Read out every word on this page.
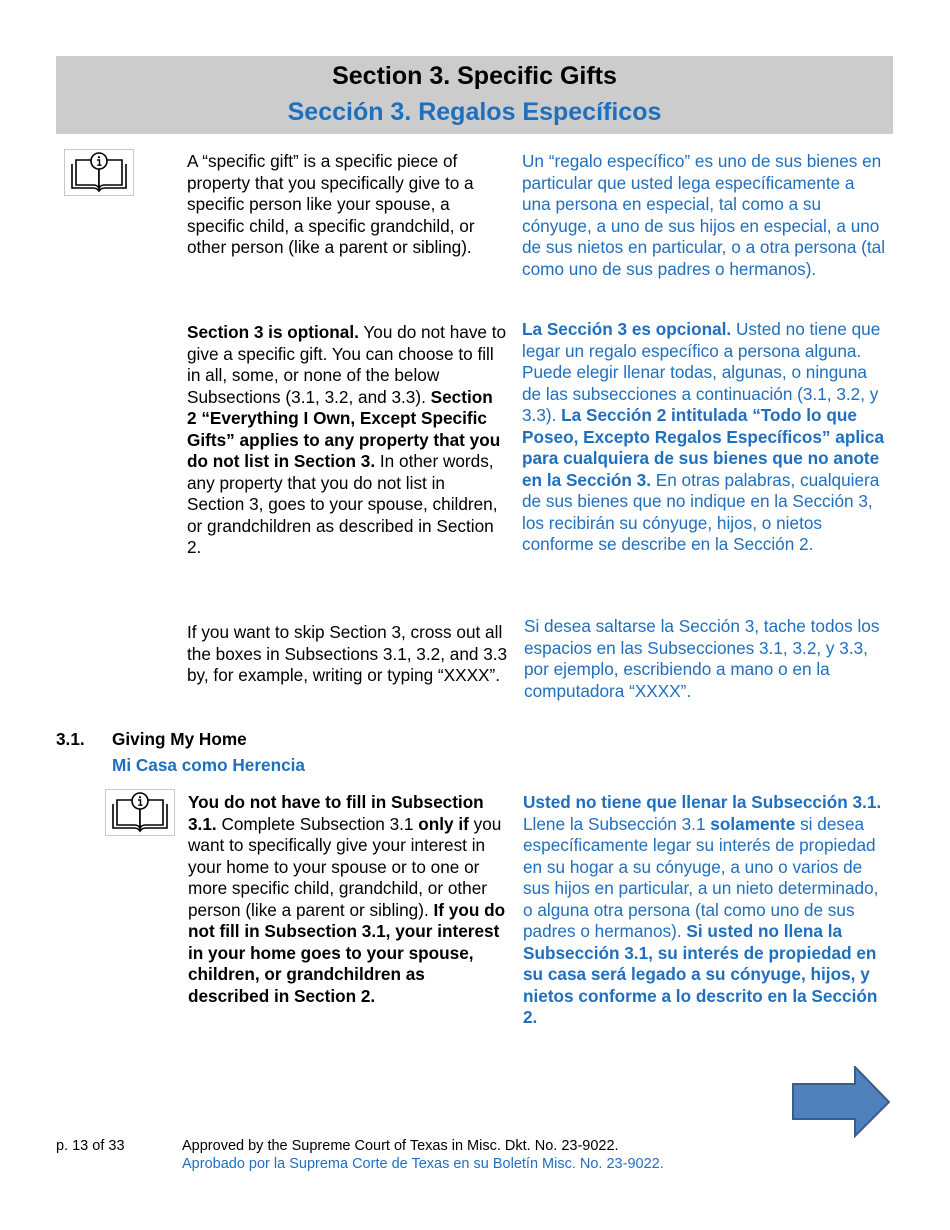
Section 3. Specific Gifts
Sección 3. Regalos Específicos
A “specific gift” is a specific piece of property that you specifically give to a specific person like your spouse, a specific child, a specific grandchild, or other person (like a parent or sibling).
Un “regalo específico” es uno de sus bienes en particular que usted lega específicamente a una persona en especial, tal como a su cónyuge, a uno de sus hijos en especial, a uno de sus nietos en particular, o a otra persona (tal como uno de sus padres o hermanos).
Section 3 is optional. You do not have to give a specific gift. You can choose to fill in all, some, or none of the below Subsections (3.1, 3.2, and 3.3). Section 2 “Everything I Own, Except Specific Gifts” applies to any property that you do not list in Section 3. In other words, any property that you do not list in Section 3, goes to your spouse, children, or grandchildren as described in Section 2.
La Sección 3 es opcional. Usted no tiene que legar un regalo específico a persona alguna. Puede elegir llenar todas, algunas, o ninguna de las subsecciones a continuación (3.1, 3.2, y 3.3). La Sección 2 intitulada “Todo lo que Poseo, Excepto Regalos Específicos” aplica para cualquiera de sus bienes que no anote en la Sección 3. En otras palabras, cualquiera de sus bienes que no indique en la Sección 3, los recibirán su cónyuge, hijos, o nietos conforme se describe en la Sección 2.
If you want to skip Section 3, cross out all the boxes in Subsections 3.1, 3.2, and 3.3 by, for example, writing or typing “XXXX”.
Si desea saltarse la Sección 3, tache todos los espacios en las Subsecciones 3.1, 3.2, y 3.3, por ejemplo, escribiendo a mano o en la computadora “XXXX”.
3.1. Giving My Home
Mi Casa como Herencia
You do not have to fill in Subsection 3.1. Complete Subsection 3.1 only if you want to specifically give your interest in your home to your spouse or to one or more specific child, grandchild, or other person (like a parent or sibling). If you do not fill in Subsection 3.1, your interest in your home goes to your spouse, children, or grandchildren as described in Section 2.
Usted no tiene que llenar la Subsección 3.1. Llene la Subsección 3.1 solamente si desea específicamente legar su interés de propiedad en su hogar a su cónyuge, a uno o varios de sus hijos en particular, a un nieto determinado, o alguna otra persona (tal como uno de sus padres o hermanos). Si usted no llena la Subsección 3.1, su interés de propiedad en su casa será legado a su cónyuge, hijos, y nietos conforme a lo descrito en la Sección 2.
p. 13 of 33	Approved by the Supreme Court of Texas in Misc. Dkt. No. 23-9022.
Aprobado por la Suprema Corte de Texas en su Boletín Misc. No. 23-9022.
